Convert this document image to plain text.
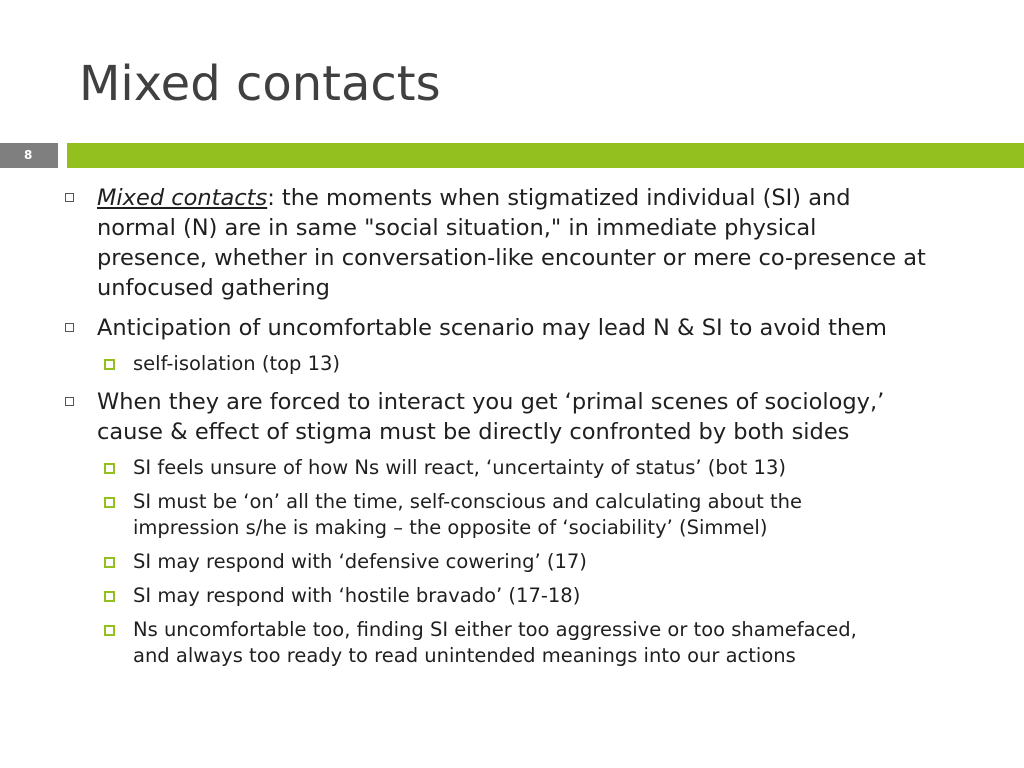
Mixed contacts
8
Mixed contacts: the moments when stigmatized individual (SI) and
normal (N) are in same "social situation," in immediate physical
presence, whether in conversation-like encounter or mere co-presence at
unfocused gathering
Anticipation of uncomfortable scenario may lead N & SI to avoid them
self-isolation (top 13)
When they are forced to interact you get ‘primal scenes of sociology,’
cause & effect of stigma must be directly confronted by both sides
SI feels unsure of how Ns will react, ‘uncertainty of status’ (bot 13)
SI must be ‘on’ all the time, self-conscious and calculating about the
impression s/he is making – the opposite of ‘sociability’ (Simmel)
SI may respond with ‘defensive cowering’ (17)
SI may respond with ‘hostile bravado’ (17-18)
Ns uncomfortable too, finding SI either too aggressive or too shamefaced,
and always too ready to read unintended meanings into our actions
